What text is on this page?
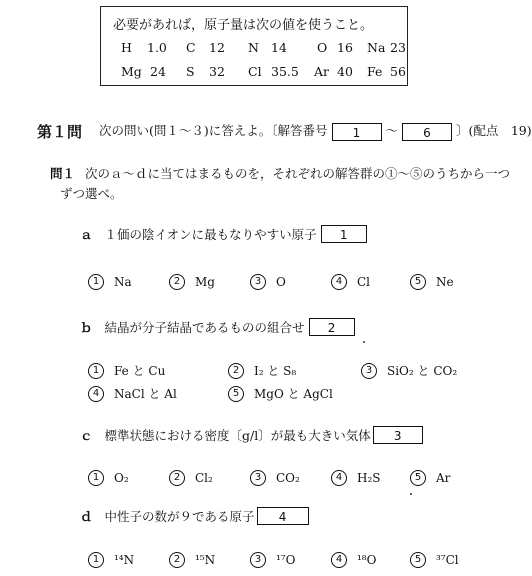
必要があれば，原子量は次の値を使うこと。
H 1.0 C 12 N 14 O 16 Na 23
Mg 24 S 32 Cl 35.5 Ar 40 Fe 56
第１問 次の問い(問１～３)に答えよ。〔解答番号 1 ～ 6 〕(配点　19)
問１ 次のａ～ｄに当てはまるものを，それぞれの解答群の①～⑤のうちから一つ
ずつ選べ。
ａ １価の陰イオンに最もなりやすい原子	1
1	Na	2	Mg	3	O	4	Cl	5	Ne
ｂ 結晶が分子結晶であるものの組合せ	2
1	Fe と Cu	2	I₂ と S₈	3	SiO₂ と CO₂
4	NaCl と Al	5	MgO と AgCl
ｃ 標準状態における密度〔g/l〕が最も大きい気体	3
1	O₂	2	Cl₂	3	CO₂	4	H₂S	5	Ar
ｄ 中性子の数が９である原子	4
1	¹⁴N	2	¹⁵N	3	¹⁷O	4	¹⁸O	5	³⁷Cl
